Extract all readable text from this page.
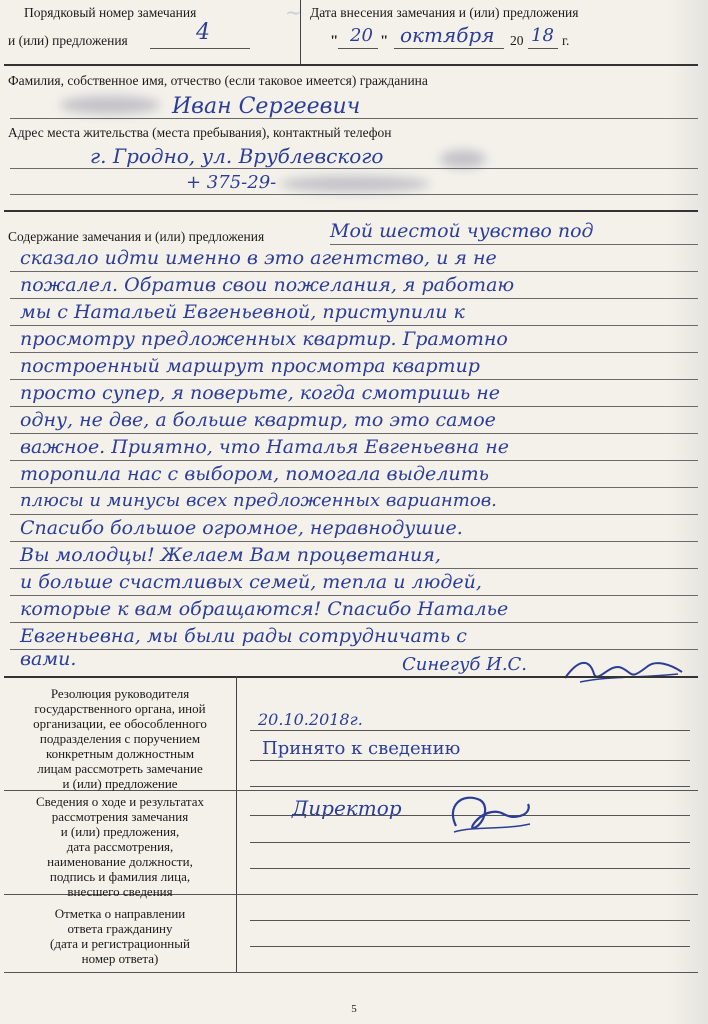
~
Порядковый номер замечания
и (или) предложения	4
Дата внесения замечания и (или) предложения
" 20 " октября 20 18 г.
Фамилия, собственное имя, отчество (если таковое имеется) гражданина
Иван Сергеевич
Адрес места жительства (места пребывания), контактный телефон
г. Гродно, ул. Врублевского
+ 375-29-
Содержание замечания и (или) предложения	Мой шестой чувство под
сказало идти именно в это агентство, и я не
пожалел. Обратив свои пожелания, я работаю
мы с Натальей Евгеньевной, приступили к
просмотру предложенных квартир. Грамотно
построенный маршрут просмотра квартир
просто супер, я поверьте, когда смотришь не
одну, не две, а больше квартир, то это самое
важное. Приятно, что Наталья Евгеньевна не
торопила нас с выбором, помогала выделить
плюсы и минусы всех предложенных вариантов.
Спасибо большое огромное, неравнодушие.
Вы молодцы! Желаем Вам процветания,
и больше счастливых семей, тепла и людей,
которые к вам обращаются! Спасибо Наталье
Евгеньевна, мы были рады сотрудничать с
вами.	Синегуб И.С.
Резолюция руководителя
государственного органа, иной
организации, ее обособленного
подразделения с поручением
конкретным должностным
лицам рассмотреть замечание
и (или) предложение
20.10.2018г.
Принято к сведению
Сведения о ходе и результатах
рассмотрения замечания
и (или) предложения,
дата рассмотрения,
наименование должности,
подпись и фамилия лица,
внесшего сведения
Директор
Отметка о направлении
ответа гражданину
(дата и регистрационный
номер ответа)
5
